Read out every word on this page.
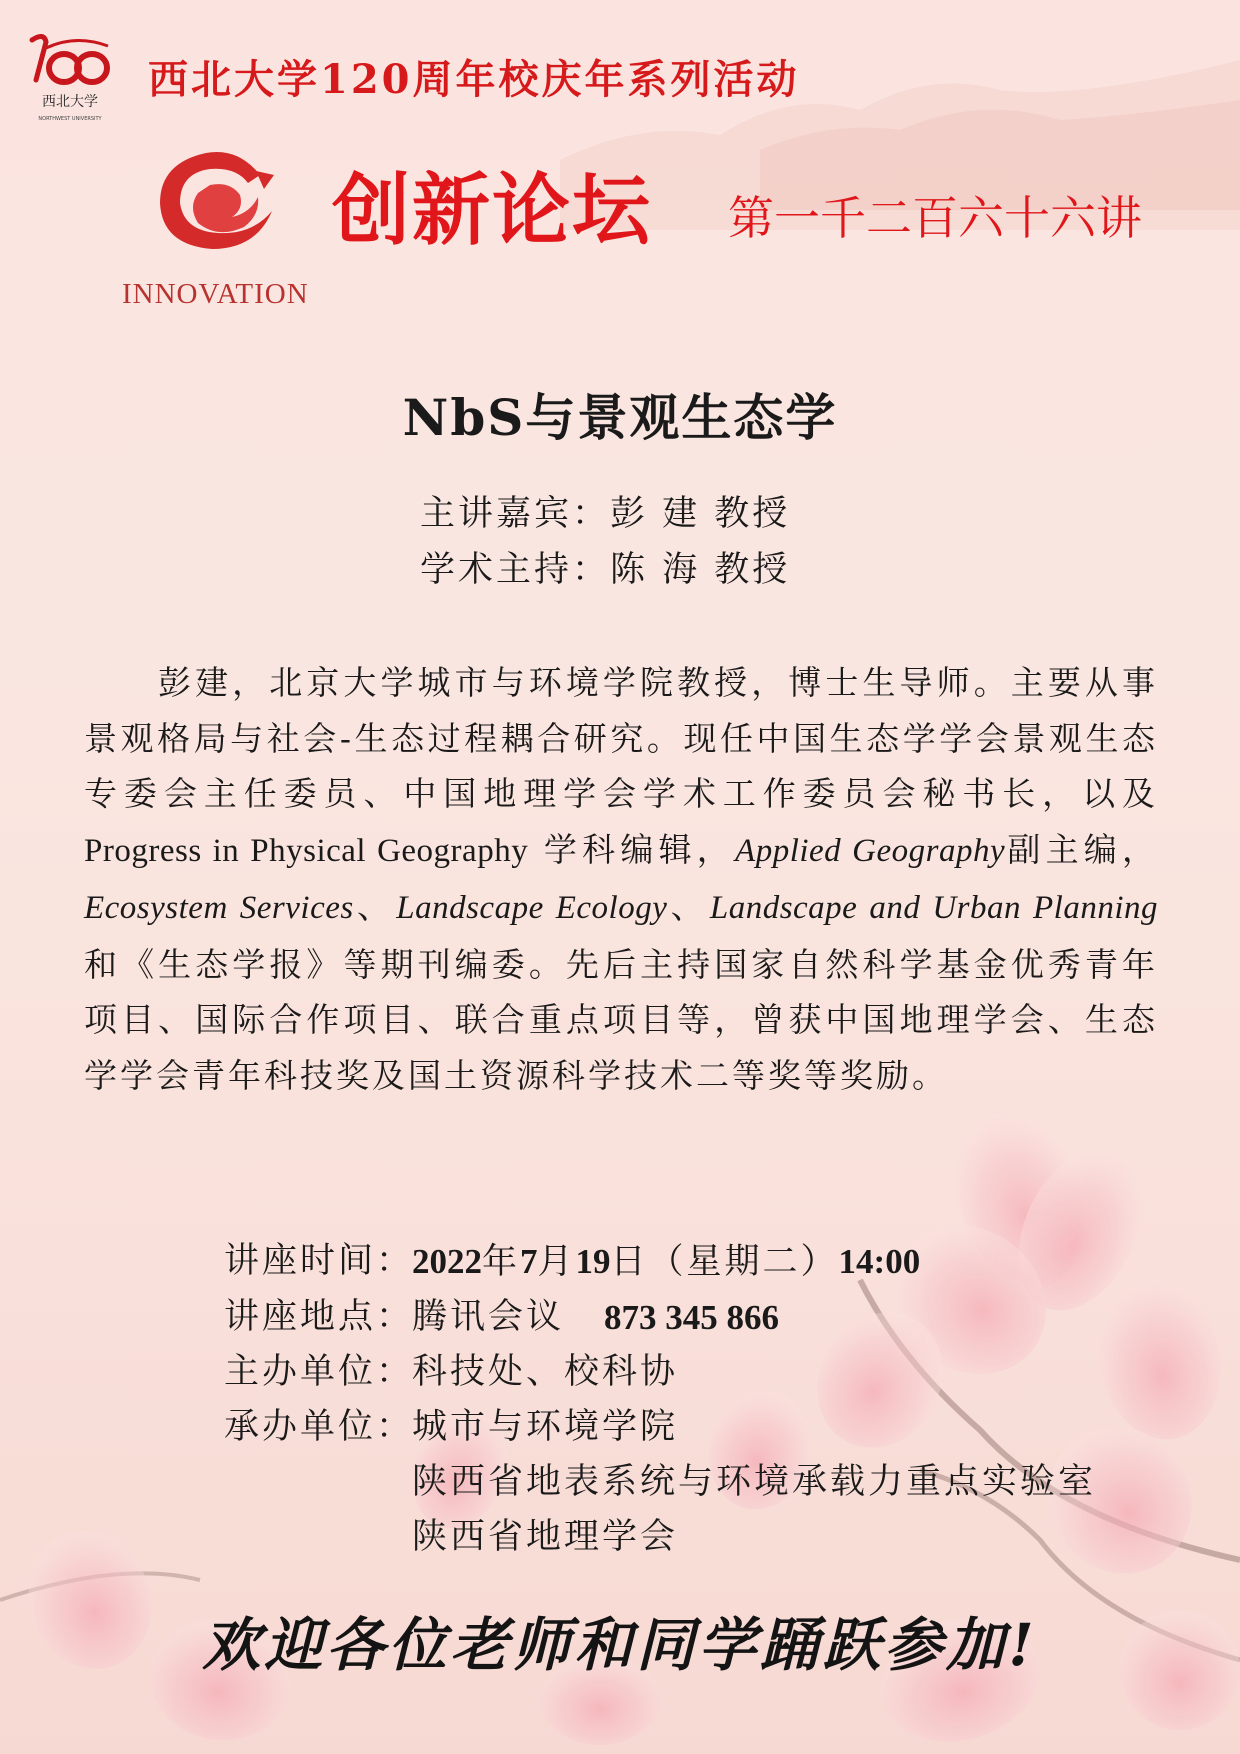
西北大学
NORTHWEST UNIVERSITY
西北大学120周年校庆年系列活动
INNOVATION
创新论坛 第一千二百六十六讲
NbS与景观生态学
主讲嘉宾：彭 建 教授
学术主持：陈 海 教授
彭建，北京大学城市与环境学院教授，博士生导师。主要从事景观格局与社会-生态过程耦合研究。现任中国生态学学会景观生态专委会主任委员、中国地理学会学术工作委员会秘书长，以及Progress in Physical Geography 学科编辑，Applied Geography副主编，Ecosystem Services、Landscape Ecology、Landscape and Urban Planning和《生态学报》等期刊编委。先后主持国家自然科学基金优秀青年项目、国际合作项目、联合重点项目等，曾获中国地理学会、生态学学会青年科技奖及国土资源科学技术二等奖等奖励。
讲座时间：
2022年7月19日（星期二）14:00
讲座地点：
腾讯会议 873 345 866
主办单位：
科技处、校科协
承办单位：
城市与环境学院
陕西省地表系统与环境承载力重点实验室
陕西省地理学会
欢迎各位老师和同学踊跃参加!
